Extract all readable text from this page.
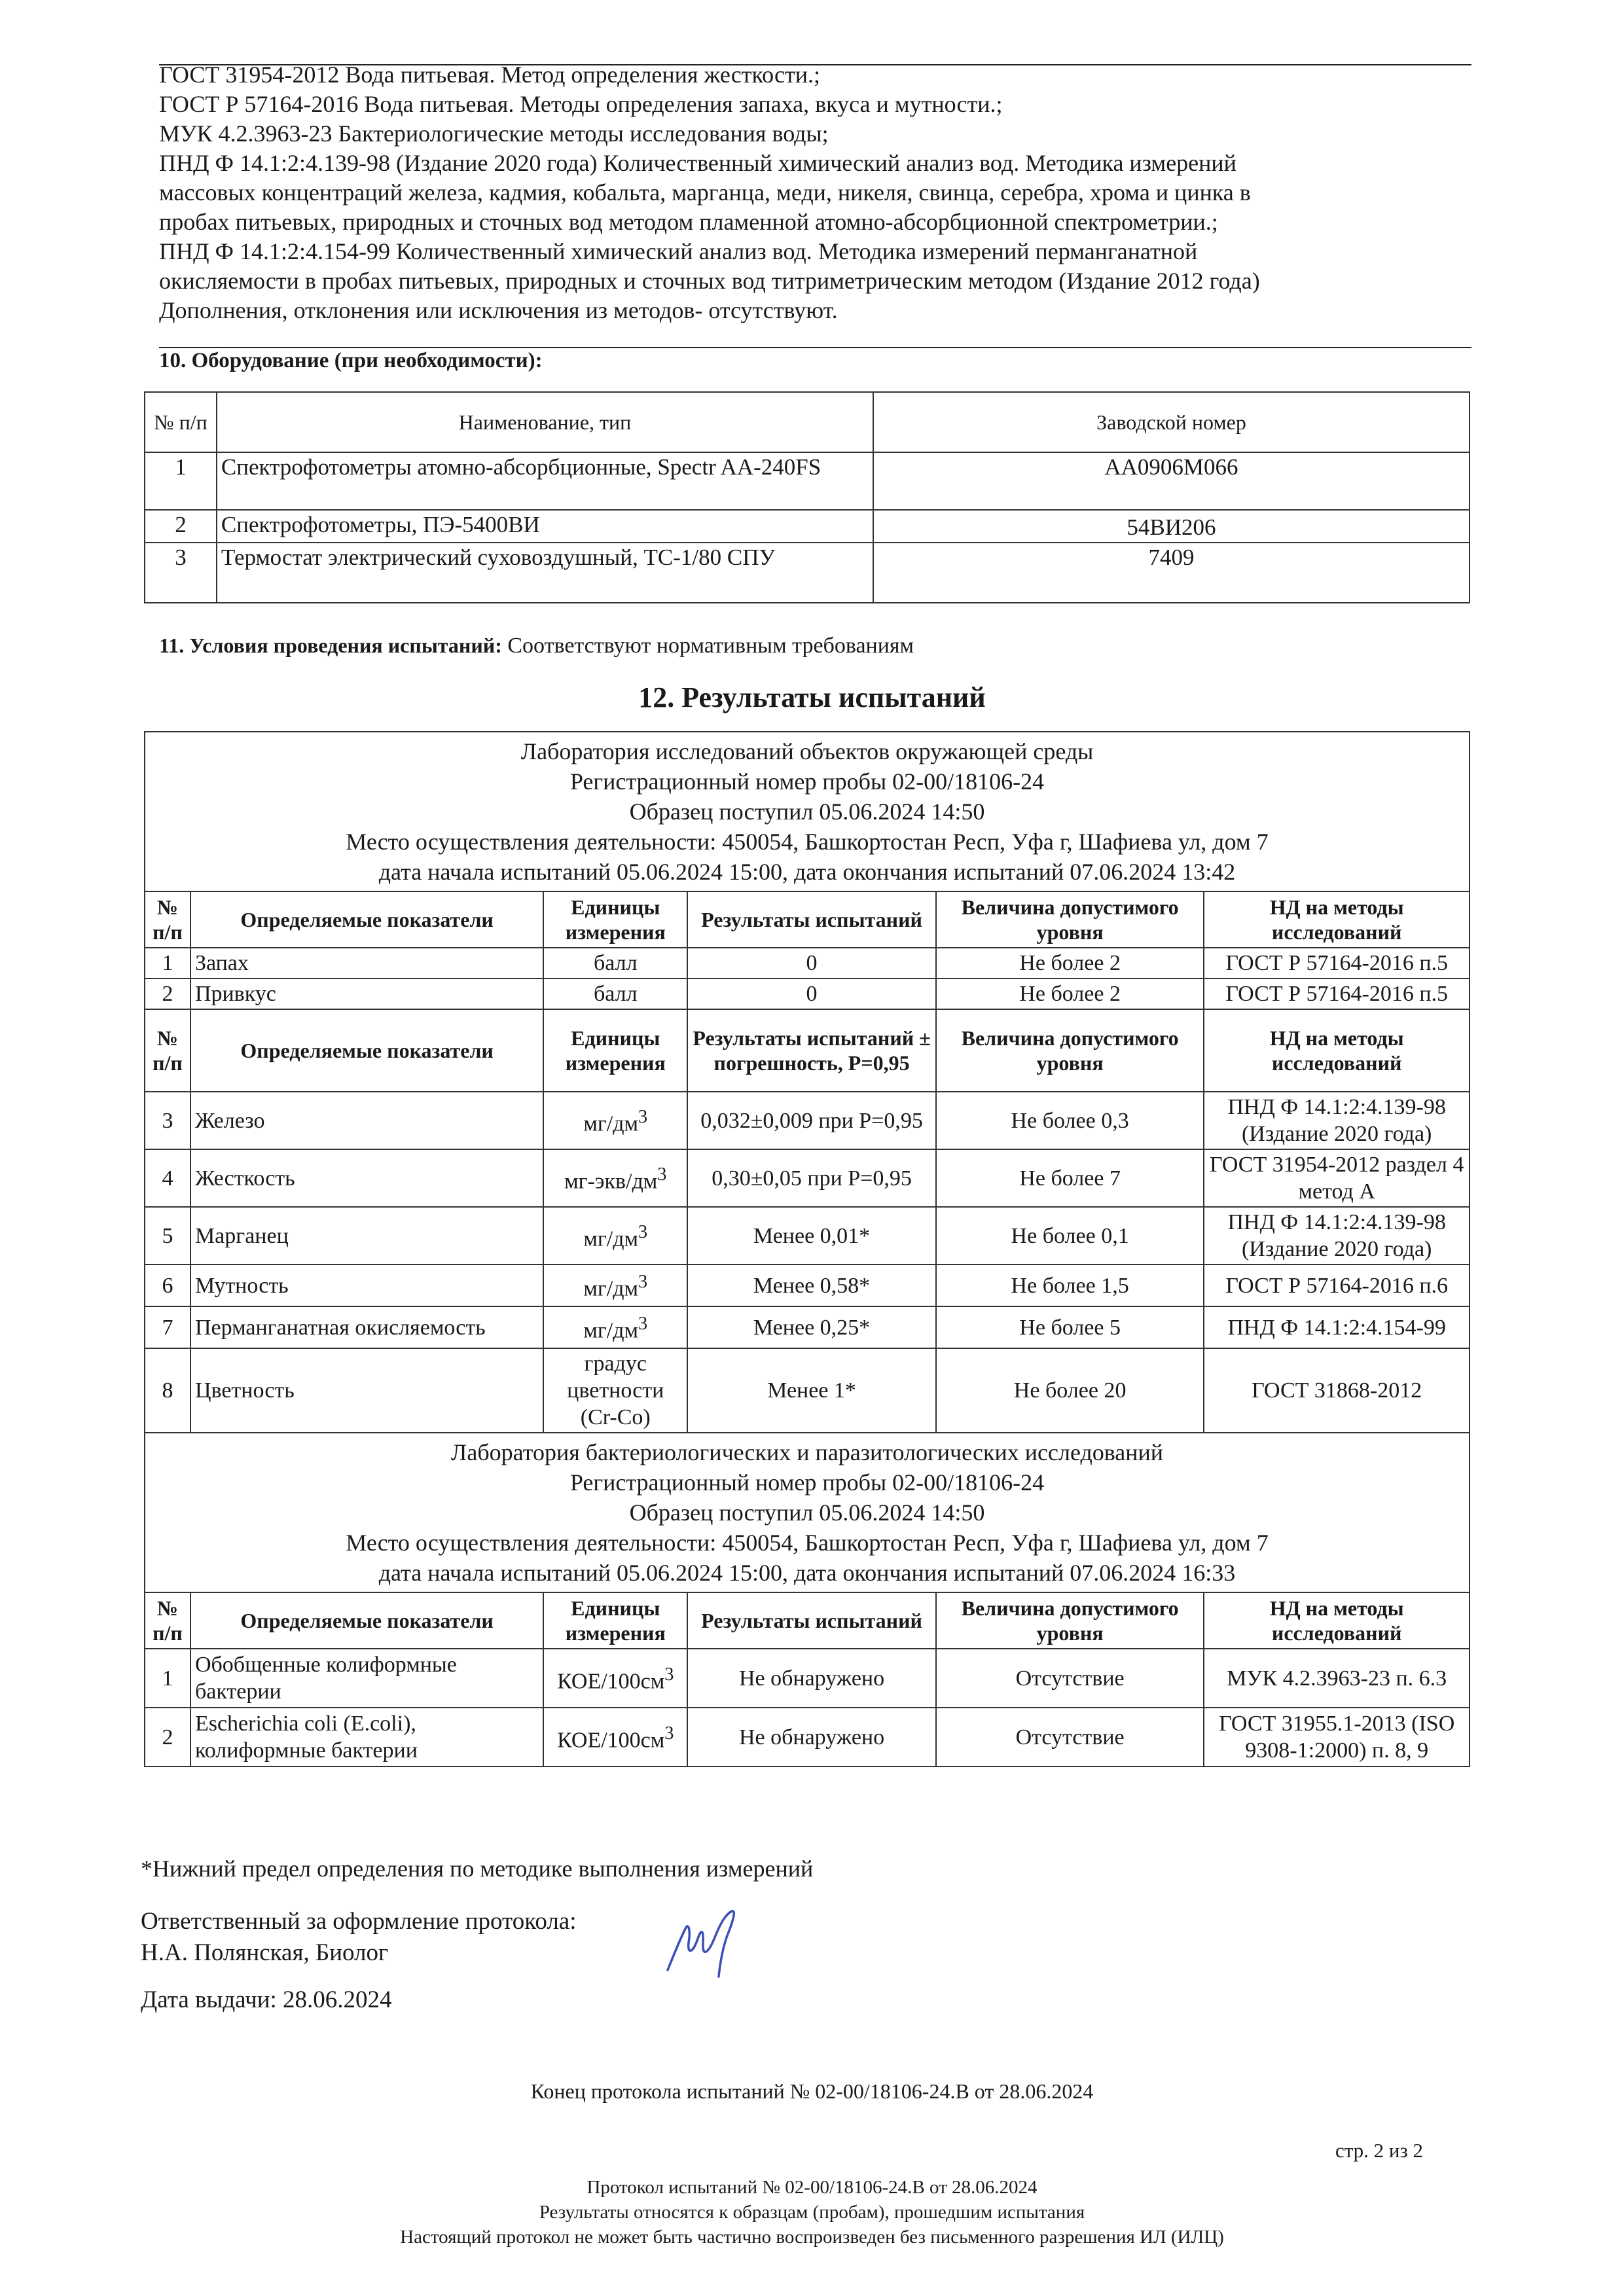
ГОСТ 31954-2012 Вода питьевая. Метод определения жесткости.;
ГОСТ Р 57164-2016 Вода питьевая. Методы определения запаха, вкуса и мутности.;
МУК 4.2.3963-23 Бактериологические методы исследования воды;
ПНД Ф 14.1:2:4.139-98 (Издание 2020 года) Количественный химический анализ вод. Методика измерений
массовых концентраций железа, кадмия, кобальта, марганца, меди, никеля, свинца, серебра, хрома и цинка в
пробах питьевых, природных и сточных вод методом пламенной атомно-абсорбционной спектрометрии.;
ПНД Ф 14.1:2:4.154-99 Количественный химический анализ вод. Методика измерений перманганатной
окисляемости в пробах питьевых, природных и сточных вод титриметрическим методом (Издание 2012 года)
Дополнения, отклонения или исключения из методов- отсутствуют.
10. Оборудование (при необходимости):
№ п/п	Наименование, тип	Заводской номер
1	Спектрофотометры атомно-абсорбционные, Spectr AA-240FS	AA0906M066
2	Спектрофотометры, ПЭ-5400ВИ	54ВИ206
3	Термостат электрический суховоздушный, ТС-1/80 СПУ	7409
11. Условия проведения испытаний: Соответствуют нормативным требованиям
12. Результаты испытаний
Лаборатория исследований объектов окружающей среды
Регистрационный номер пробы 02-00/18106-24
Образец поступил 05.06.2024 14:50
Место осуществления деятельности: 450054, Башкортостан Респ, Уфа г, Шафиева ул, дом 7
дата начала испытаний 05.06.2024 15:00, дата окончания испытаний 07.06.2024 13:42					

№ п/п	Определяемые показатели	Единицы измерения	Результаты испытаний	Величина допустимого уровня	НД на методы исследований
1	Запах	балл	0	Не более 2	ГОСТ Р 57164-2016 п.5
2	Привкус	балл	0	Не более 2	ГОСТ Р 57164-2016 п.5
№ п/п	Определяемые показатели	Единицы измерения	Результаты испытаний ± погрешность, P=0,95	Величина допустимого уровня	НД на методы исследований
3	Железо	$мг/дм^3$	0,032±0,009 при P=0,95	Не более 0,3	ПНД Ф 14.1:2:4.139-98 (Издание 2020 года)
4	Жесткость	$мг-экв/дм^3$	0,30±0,05 при P=0,95	Не более 7	ГОСТ 31954-2012 раздел 4 метод А
5	Марганец	$мг/дм^3$	Менее 0,01*	Не более 0,1	ПНД Ф 14.1:2:4.139-98 (Издание 2020 года)
6	Мутность	$мг/дм^3$	Менее 0,58*	Не более 1,5	ГОСТ Р 57164-2016 п.6
7	Перманганатная окисляемость	$мг/дм^3$	Менее 0,25*	Не более 5	ПНД Ф 14.1:2:4.154-99
8	Цветность	градус цветности (Cr-Co)	Менее 1*	Не более 20	ГОСТ 31868-2012

Лаборатория бактериологических и паразитологических исследований
Регистрационный номер пробы 02-00/18106-24
Образец поступил 05.06.2024 14:50
Место осуществления деятельности: 450054, Башкортостан Респ, Уфа г, Шафиева ул, дом 7
дата начала испытаний 05.06.2024 15:00, дата окончания испытаний 07.06.2024 16:33					

№ п/п	Определяемые показатели	Единицы измерения	Результаты испытаний	Величина допустимого уровня	НД на методы исследований
1	Обобщенные колиформные бактерии	КОЕ/$100см^3$	Не обнаружено	Отсутствие	МУК 4.2.3963-23 п. 6.3
2	Escherichia coli (E.coli), колиформные бактерии	КОЕ/$100см^3$	Не обнаружено	Отсутствие	ГОСТ 31955.1-2013 (ISO 9308-1:2000) п. 8, 9
*Нижний предел определения по методике выполнения измерений
Ответственный за оформление протокола:
Н.А. Полянская, Биолог
Дата выдачи: 28.06.2024
Конец протокола испытаний № 02-00/18106-24.В от 28.06.2024
стр. 2 из 2
Протокол испытаний № 02-00/18106-24.В от 28.06.2024
Результаты относятся к образцам (пробам), прошедшим испытания
Настоящий протокол не может быть частично воспроизведен без письменного разрешения ИЛ (ИЛЦ)
